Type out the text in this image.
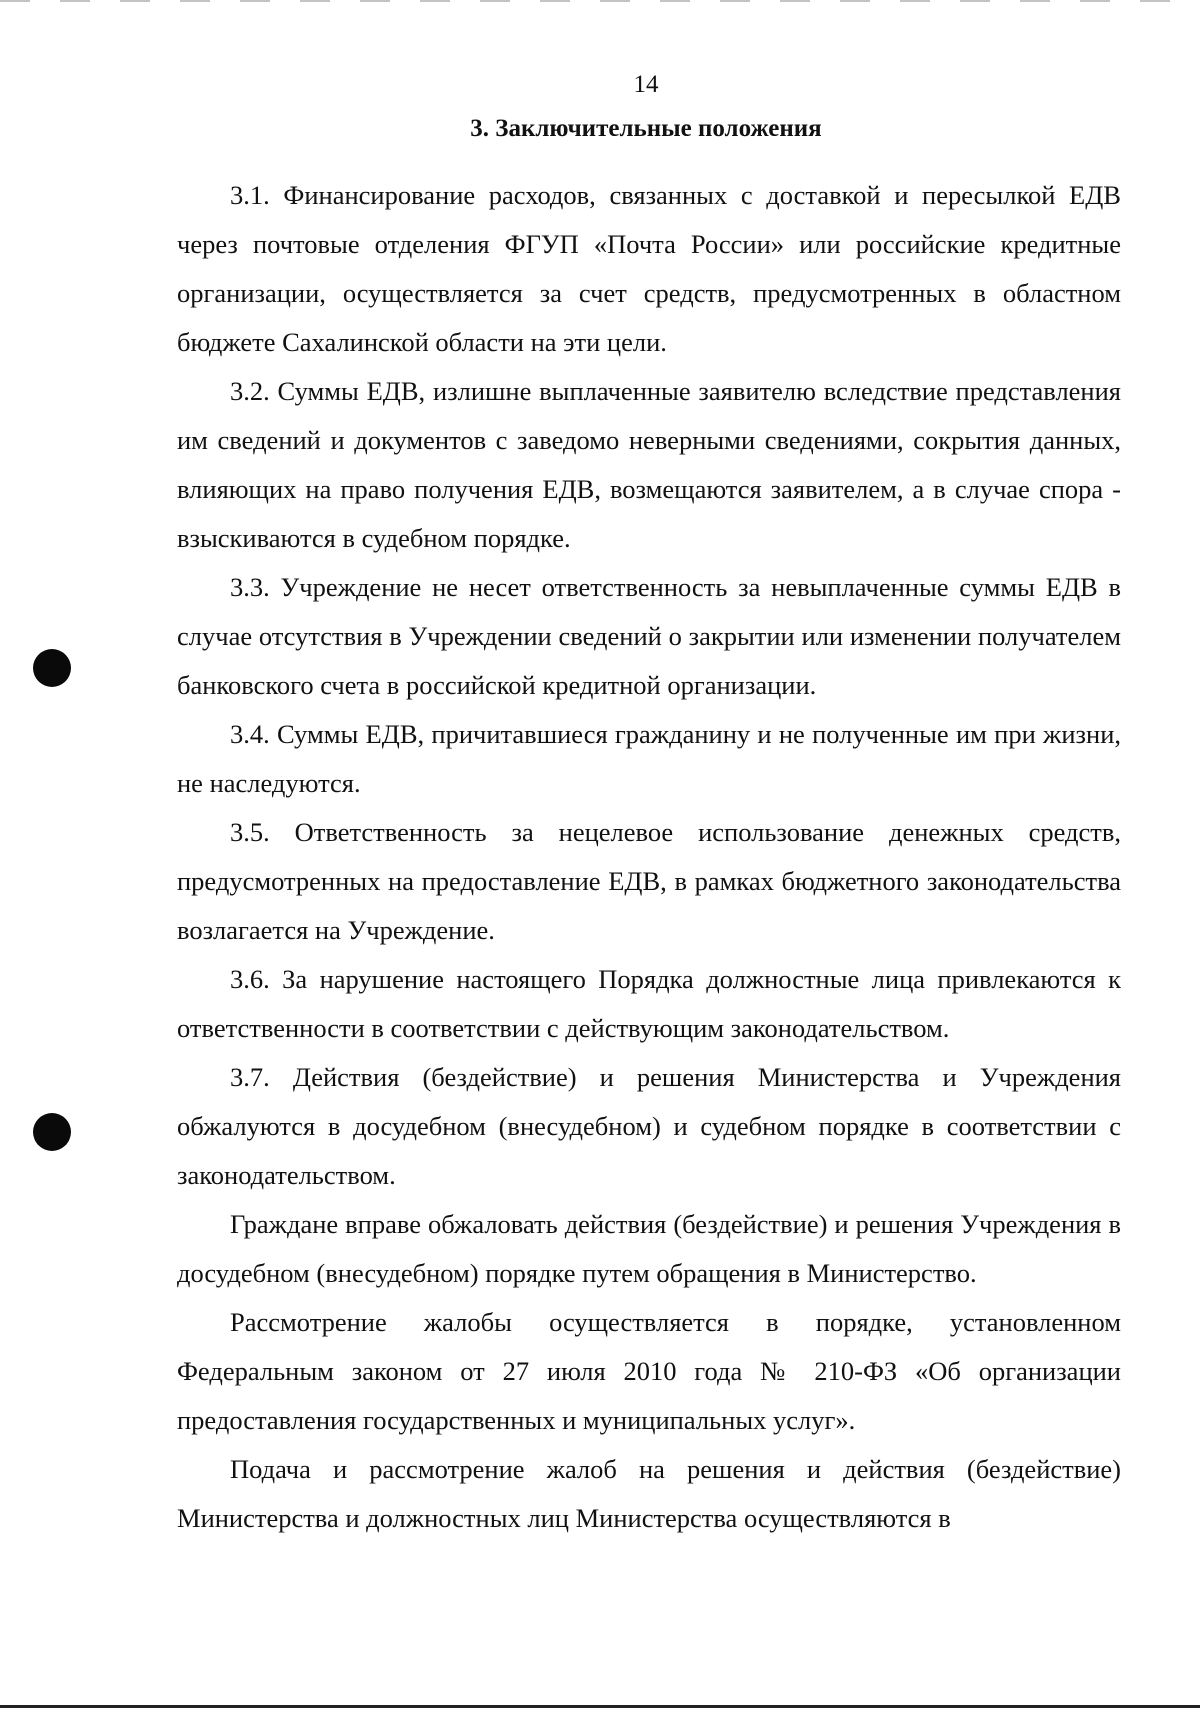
14
3. Заключительные положения

3.1. Финансирование расходов, связанных с доставкой и пересылкой ЕДВ через почтовые отделения ФГУП «Почта России» или российские кредитные организации, осуществляется за счет средств, предусмотренных в областном бюджете Сахалинской области на эти цели.

3.2. Суммы ЕДВ, излишне выплаченные заявителю вследствие представления им сведений и документов с заведомо неверными сведениями, сокрытия данных, влияющих на право получения ЕДВ, возмещаются заявителем, а в случае спора - взыскиваются в судебном порядке.

3.3. Учреждение не несет ответственность за невыплаченные суммы ЕДВ в случае отсутствия в Учреждении сведений о закрытии или изменении получателем банковского счета в российской кредитной организации.

3.4. Суммы ЕДВ, причитавшиеся гражданину и не полученные им при жизни, не наследуются.

3.5. Ответственность за нецелевое использование денежных средств, предусмотренных на предоставление ЕДВ, в рамках бюджетного законодательства возлагается на Учреждение.

3.6. За нарушение настоящего Порядка должностные лица привлекаются к ответственности в соответствии с действующим законодательством.

3.7. Действия (бездействие) и решения Министерства и Учреждения обжалуются в досудебном (внесудебном) и судебном порядке в соответствии с законодательством.

Граждане вправе обжаловать действия (бездействие) и решения Учреждения в досудебном (внесудебном) порядке путем обращения в Министерство.

Рассмотрение жалобы осуществляется в порядке, установленном Федеральным законом от 27 июля 2010 года № 210-ФЗ «Об организации предоставления государственных и муниципальных услуг».

Подача и рассмотрение жалоб на решения и действия (бездействие) Министерства и должностных лиц Министерства осуществляются в
